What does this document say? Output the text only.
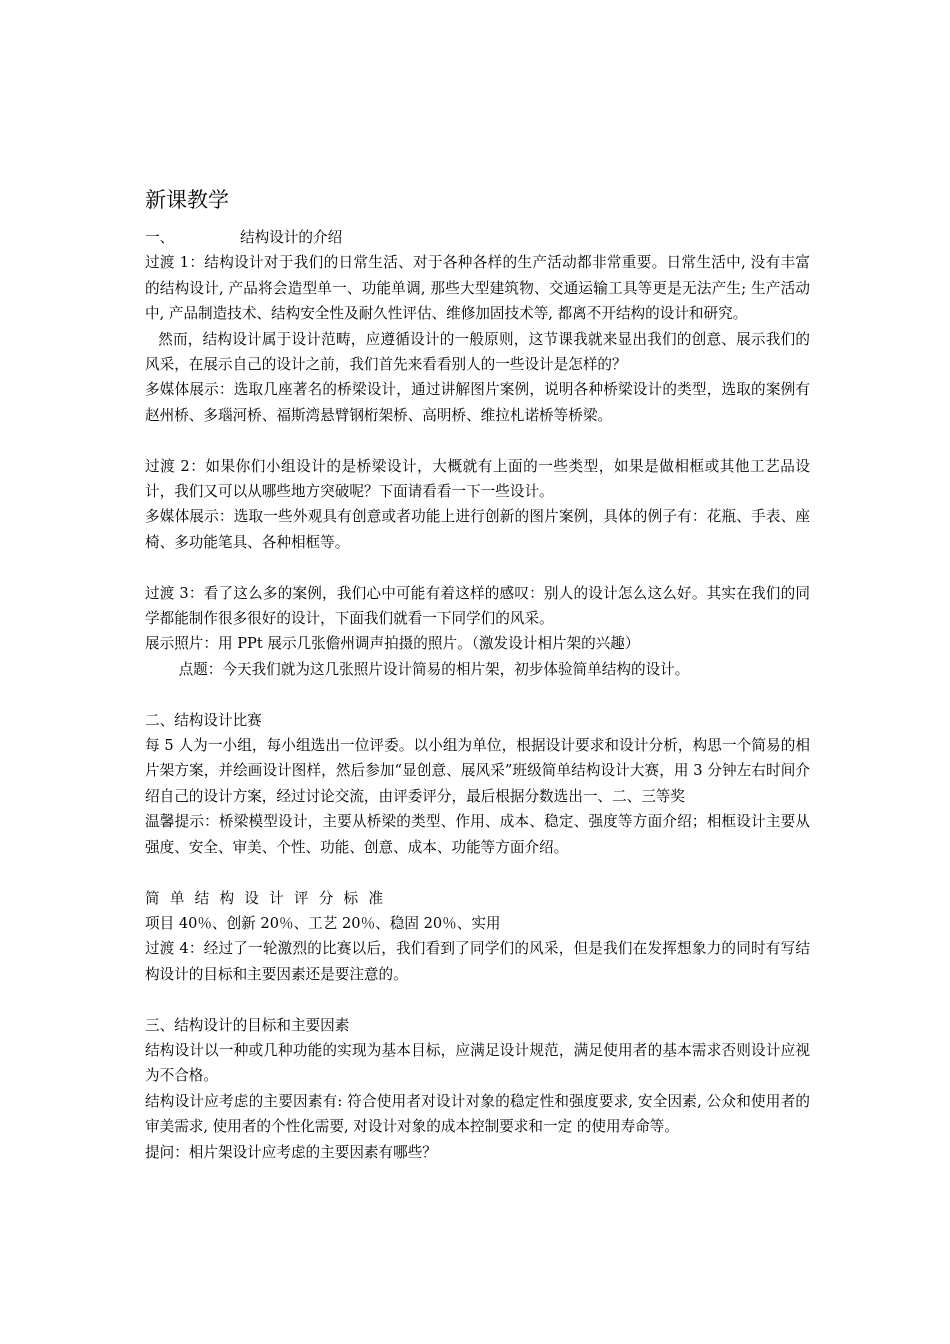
新课教学

一、	结构设计的介绍

过渡 1：结构设计对于我们的日常生活、对于各种各样的生产活动都非常重要。日常生活中, 没有丰富的结构设计, 产品将会造型单一、功能单调, 那些大型建筑物、交通运输工具等更是无法产生; 生产活动中, 产品制造技术、结构安全性及耐久性评估、维修加固技术等, 都离不开结构的设计和研究。

然而，结构设计属于设计范畴，应遵循设计的一般原则，这节课我就来显出我们的创意、展示我们的风采，在展示自己的设计之前，我们首先来看看别人的一些设计是怎样的？

多媒体展示：选取几座著名的桥梁设计，通过讲解图片案例，说明各种桥梁设计的类型，选取的案例有赵州桥、多瑙河桥、福斯湾悬臂钢桁架桥、高明桥、维拉札诺桥等桥梁。

过渡 2：如果你们小组设计的是桥梁设计，大概就有上面的一些类型，如果是做相框或其他工艺品设计，我们又可以从哪些地方突破呢？下面请看看一下一些设计。

多媒体展示：选取一些外观具有创意或者功能上进行创新的图片案例，具体的例子有：花瓶、手表、座椅、多功能笔具、各种相框等。

过渡 3：看了这么多的案例，我们心中可能有着这样的感叹：别人的设计怎么这么好。其实在我们的同学都能制作很多很好的设计，下面我们就看一下同学们的风采。

展示照片：用 PPt 展示几张儋州调声拍摄的照片。（激发设计相片架的兴趣）

点题：今天我们就为这几张照片设计简易的相片架，初步体验简单结构的设计。

二、结构设计比赛

每 5 人为一小组，每小组选出一位评委。以小组为单位，根据设计要求和设计分析，构思一个简易的相片架方案，并绘画设计图样，然后参加“显创意、展风采”班级简单结构设计大赛，用 3 分钟左右时间介绍自己的设计方案，经过讨论交流，由评委评分，最后根据分数选出一、二、三等奖

温馨提示：桥梁模型设计，主要从桥梁的类型、作用、成本、稳定、强度等方面介绍；相框设计主要从强度、安全、审美、个性、功能、创意、成本、功能等方面介绍。

简单结构设计评分标准

项目 40％、创新 20％、工艺 20％、稳固 20％、实用

过渡 4：经过了一轮激烈的比赛以后，我们看到了同学们的风采，但是我们在发挥想象力的同时有写结构设计的目标和主要因素还是要注意的。

三、结构设计的目标和主要因素

结构设计以一种或几种功能的实现为基本目标，应满足设计规范，满足使用者的基本需求否则设计应视为不合格。

结构设计应考虑的主要因素有: 符合使用者对设计对象的稳定性和强度要求, 安全因素, 公众和使用者的审美需求, 使用者的个性化需要, 对设计对象的成本控制要求和一定 的使用寿命等。

提问：相片架设计应考虑的主要因素有哪些？
